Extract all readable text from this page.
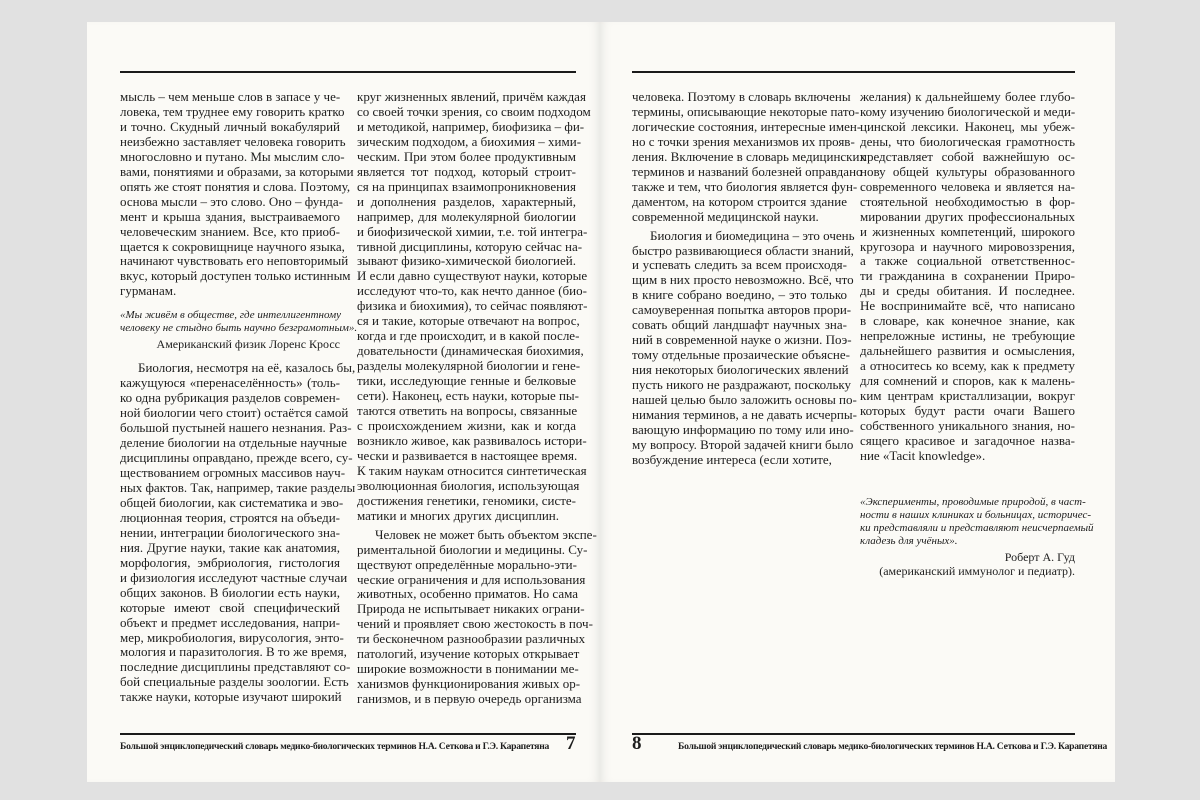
мысль – чем меньше слов в запасе у че-
ловека, тем труднее ему говорить кратко
и точно. Скудный личный вокабулярий
неизбежно заставляет человека говорить
многословно и путано. Мы мыслим сло-
вами, понятиями и образами, за которыми
опять же стоят понятия и слова. Поэтому,
основа мысли – это слово. Оно – фунда-
мент и крыша здания, выстраиваемого
человеческим знанием. Все, кто приоб-
щается к сокровищнице научного языка,
начинают чувствовать его неповторимый
вкус, который доступен только истинным
гурманам.
«Мы живём в обществе, где интеллигентному
человеку не стыдно быть научно безграмотным».
Американский физик Лоренс Кросс
Биология, несмотря на её, казалось бы,
кажущуюся «перенаселённость» (толь-
ко одна рубрикация разделов современ-
ной биологии чего стоит) остаётся самой
большой пустыней нашего незнания. Раз-
деление биологии на отдельные научные
дисциплины оправдано, прежде всего, су-
ществованием огромных массивов науч-
ных фактов. Так, например, такие разделы
общей биологии, как систематика и эво-
люционная теория, строятся на объеди-
нении, интеграции биологического зна-
ния. Другие науки, такие как анатомия,
морфология, эмбриология, гистология
и физиология исследуют частные случаи
общих законов. В биологии есть науки,
которые имеют свой специфический
объект и предмет исследования, напри-
мер, микробиология, вирусология, энто-
мология и паразитология. В то же время,
последние дисциплины представляют со-
бой специальные разделы зоологии. Есть
также науки, которые изучают широкий
круг жизненных явлений, причём каждая
со своей точки зрения, со своим подходом
и методикой, например, биофизика – фи-
зическим подходом, а биохимия – хими-
ческим. При этом более продуктивным
является тот подход, который строит-
ся на принципах взаимопроникновения
и дополнения разделов, характерный,
например, для молекулярной биологии
и биофизической химии, т.е. той интегра-
тивной дисциплины, которую сейчас на-
зывают физико-химической биологией.
И если давно существуют науки, которые
исследуют что-то, как нечто данное (био-
физика и биохимия), то сейчас появляют-
ся и такие, которые отвечают на вопрос,
когда и где происходит, и в какой после-
довательности (динамическая биохимия,
разделы молекулярной биологии и гене-
тики, исследующие генные и белковые
сети). Наконец, есть науки, которые пы-
таются ответить на вопросы, связанные
с происхождением жизни, как и когда
возникло живое, как развивалось истори-
чески и развивается в настоящее время.
К таким наукам относится синтетическая
эволюционная биология, использующая
достижения генетики, геномики, систе-
матики и многих других дисциплин.
Человек не может быть объектом экспе-
риментальной биологии и медицины. Су-
ществуют определённые морально-эти-
ческие ограничения и для использования
животных, особенно приматов. Но сама
Природа не испытывает никаких ограни-
чений и проявляет свою жестокость в поч-
ти бесконечном разнообразии различных
патологий, изучение которых открывает
широкие возможности в понимании ме-
ханизмов функционирования живых ор-
ганизмов, и в первую очередь организма
Большой энциклопедический словарь медико-биологических терминов Н.А. Сеткова и Г.Э. Карапетяна 7
человека. Поэтому в словарь включены
термины, описывающие некоторые пато-
логические состояния, интересные имен-
но с точки зрения механизмов их прояв-
ления. Включение в словарь медицинских
терминов и названий болезней оправдано
также и тем, что биология является фун-
даментом, на котором строится здание
современной медицинской науки.
Биология и биомедицина – это очень
быстро развивающиеся области знаний,
и успевать следить за всем происходя-
щим в них просто невозможно. Всё, что
в книге собрано воедино, – это только
самоуверенная попытка авторов прори-
совать общий ландшафт научных зна-
ний в современной науке о жизни. Поэ-
тому отдельные прозаические объясне-
ния некоторых биологических явлений
пусть никого не раздражают, поскольку
нашей целью было заложить основы по-
нимания терминов, а не давать исчерпы-
вающую информацию по тому или ино-
му вопросу. Второй задачей книги было
возбуждение интереса (если хотите,
желания) к дальнейшему более глубо-
кому изучению биологической и меди-
цинской лексики. Наконец, мы убеж-
дены, что биологическая грамотность
представляет собой важнейшую ос-
нову общей культуры образованного
современного человека и является на-
стоятельной необходимостью в фор-
мировании других профессиональных
и жизненных компетенций, широкого
кругозора и научного мировоззрения,
а также социальной ответственнос-
ти гражданина в сохранении Приро-
ды и среды обитания. И последнее.
Не воспринимайте всё, что написано
в словаре, как конечное знание, как
непреложные истины, не требующие
дальнейшего развития и осмысления,
а относитесь ко всему, как к предмету
для сомнений и споров, как к малень-
ким центрам кристаллизации, вокруг
которых будут расти очаги Вашего
собственного уникального знания, но-
сящего красивое и загадочное назва-
ние «Tacit knowledge».
«Эксперименты, проводимые природой, в част-
ности в наших клиниках и больницах, историчес-
ки представляли и представляют неисчерпаемый
кладезь для учёных».
Роберт А. Гуд
(американский иммунолог и педиатр).
8	Большой энциклопедический словарь медико-биологических терминов Н.А. Сеткова и Г.Э. Карапетяна
